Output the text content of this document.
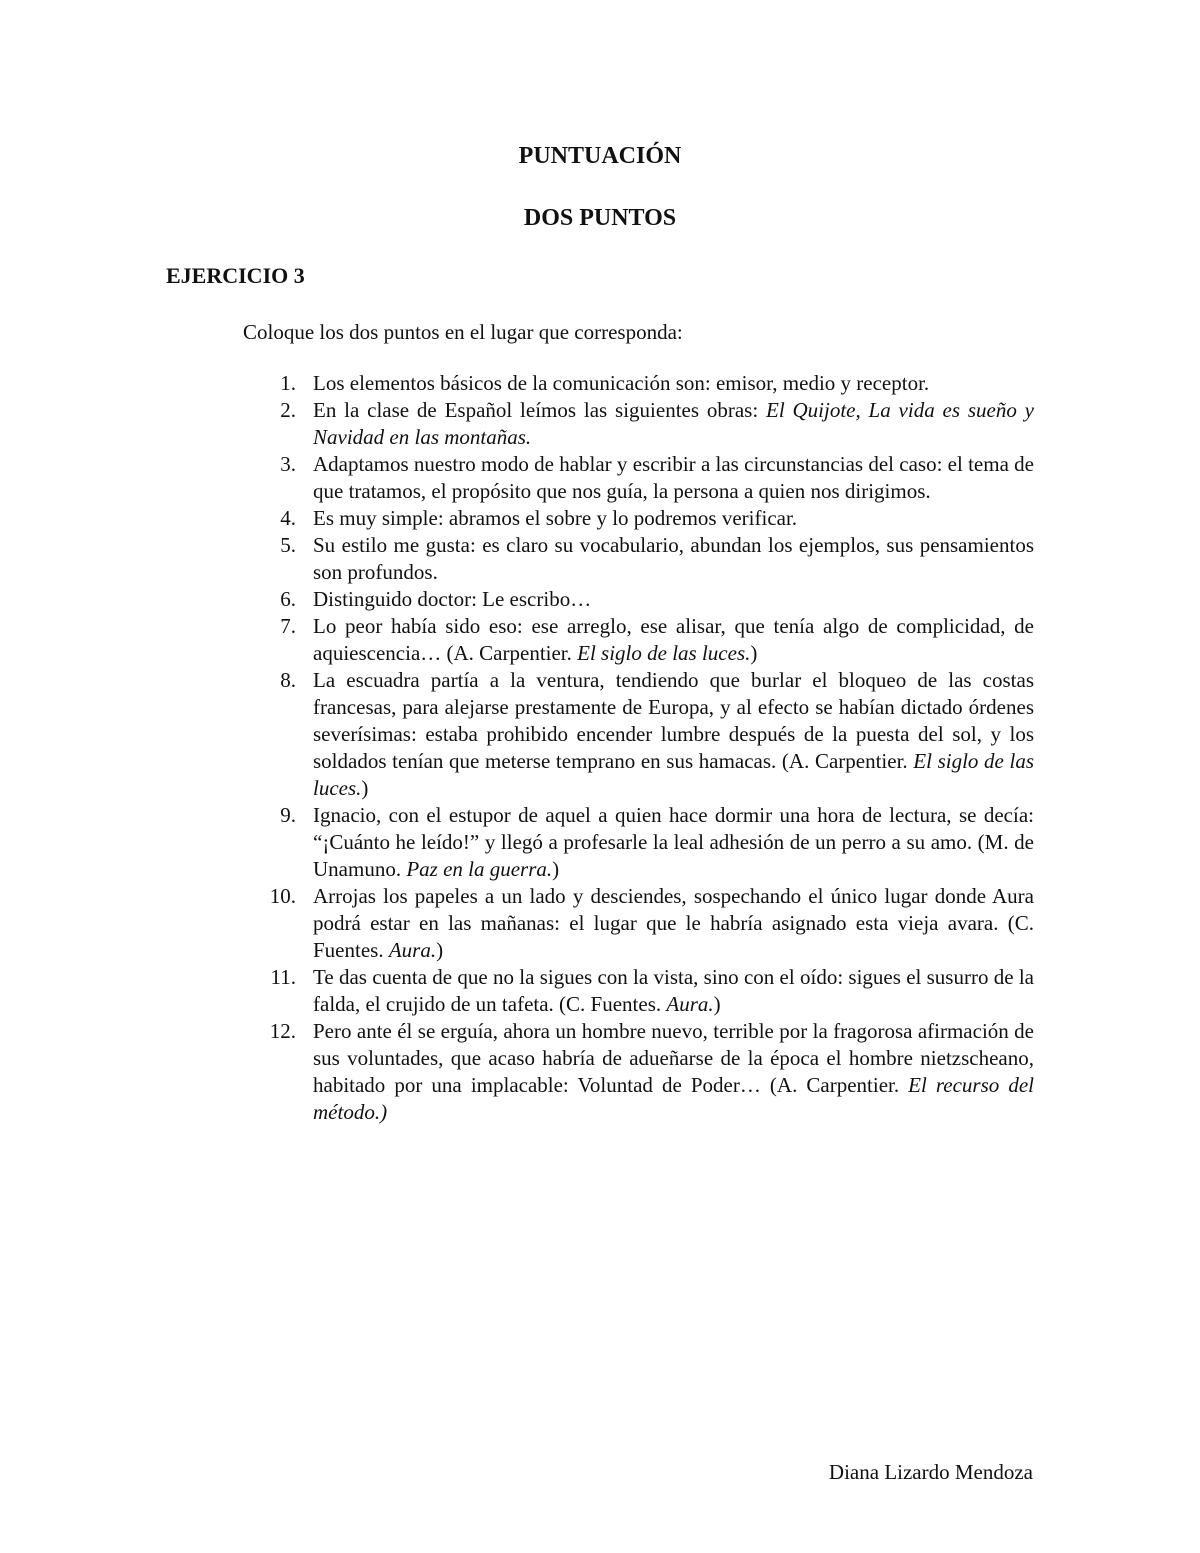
PUNTUACIÓN
DOS PUNTOS

EJERCICIO 3

Coloque los dos puntos en el lugar que corresponda:

1. Los elementos básicos de la comunicación son: emisor, medio y receptor.
2. En la clase de Español leímos las siguientes obras: El Quijote, La vida es sueño y Navidad en las montañas.
3. Adaptamos nuestro modo de hablar y escribir a las circunstancias del caso: el tema de que tratamos, el propósito que nos guía, la persona a quien nos dirigimos.
4. Es muy simple: abramos el sobre y lo podremos verificar.
5. Su estilo me gusta: es claro su vocabulario, abundan los ejemplos, sus pensamientos son profundos.
6. Distinguido doctor: Le escribo…
7. Lo peor había sido eso: ese arreglo, ese alisar, que tenía algo de complicidad, de aquiescencia… (A. Carpentier. El siglo de las luces.)
8. La escuadra partía a la ventura, tendiendo que burlar el bloqueo de las costas francesas, para alejarse prestamente de Europa, y al efecto se habían dictado órdenes severísimas: estaba prohibido encender lumbre después de la puesta del sol, y los soldados tenían que meterse temprano en sus hamacas. (A. Carpentier. El siglo de las luces.)
9. Ignacio, con el estupor de aquel a quien hace dormir una hora de lectura, se decía: “¡Cuánto he leído!” y llegó a profesarle la leal adhesión de un perro a su amo. (M. de Unamuno. Paz en la guerra.)
10. Arrojas los papeles a un lado y desciendes, sospechando el único lugar donde Aura podrá estar en las mañanas: el lugar que le habría asignado esta vieja avara. (C. Fuentes. Aura.)
11. Te das cuenta de que no la sigues con la vista, sino con el oído: sigues el susurro de la falda, el crujido de un tafeta. (C. Fuentes. Aura.)
12. Pero ante él se erguía, ahora un hombre nuevo, terrible por la fragorosa afirmación de sus voluntades, que acaso habría de adueñarse de la época el hombre nietzscheano, habitado por una implacable: Voluntad de Poder… (A. Carpentier. El recurso del método.)

Diana Lizardo Mendoza
